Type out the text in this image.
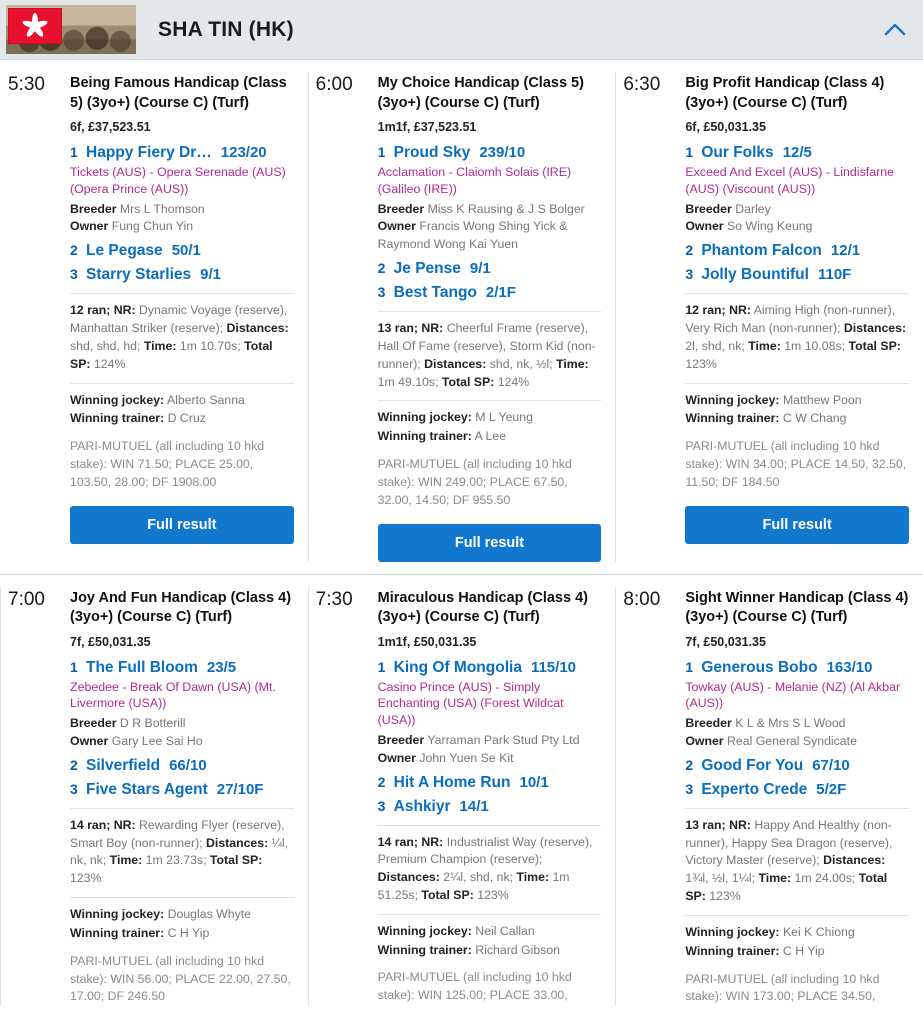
SHA TIN (HK)
5:30	Being Famous Handicap (Class 5) (3yo+) (Course C) (Turf)
6f, £37,523.51
1 Happy Fiery Dr… 123/20
Tickets (AUS) - Opera Serenade (AUS) (Opera Prince (AUS))
Breeder Mrs L Thomson
Owner Fung Chun Yin
2 Le Pegase 50/1
3 Starry Starlies 9/1
12 ran; NR: Dynamic Voyage (reserve), Manhattan Striker (reserve); Distances: shd, shd, hd; Time: 1m 10.70s; Total SP: 124%
Winning jockey: Alberto Sanna
Winning trainer: D Cruz
PARI-MUTUEL (all including 10 hkd stake): WIN 71.50; PLACE 25.00, 103.50, 28.00; DF 1908.00
Full result
6:00	My Choice Handicap (Class 5) (3yo+) (Course C) (Turf)
1m1f, £37,523.51
1 Proud Sky 239/10
Acclamation - Claiomh Solais (IRE) (Galileo (IRE))
Breeder Miss K Rausing & J S Bolger
Owner Francis Wong Shing Yick & Raymond Wong Kai Yuen
2 Je Pense 9/1
3 Best Tango 2/1F
13 ran; NR: Cheerful Frame (reserve), Hall Of Fame (reserve), Storm Kid (non-runner); Distances: shd, nk, ½l; Time: 1m 49.10s; Total SP: 124%
Winning jockey: M L Yeung
Winning trainer: A Lee
PARI-MUTUEL (all including 10 hkd stake): WIN 249.00; PLACE 67.50, 32.00, 14.50; DF 955.50
Full result
6:30	Big Profit Handicap (Class 4) (3yo+) (Course C) (Turf)
6f, £50,031.35
1 Our Folks 12/5
Exceed And Excel (AUS) - Lindisfarne (AUS) (Viscount (AUS))
Breeder Darley
Owner So Wing Keung
2 Phantom Falcon 12/1
3 Jolly Bountiful 110F
12 ran; NR: Aiming High (non-runner), Very Rich Man (non-runner); Distances: 2l, shd, nk; Time: 1m 10.08s; Total SP: 123%
Winning jockey: Matthew Poon
Winning trainer: C W Chang
PARI-MUTUEL (all including 10 hkd stake): WIN 34.00; PLACE 14.50, 32.50, 11.50; DF 184.50
Full result
7:00	Joy And Fun Handicap (Class 4) (3yo+) (Course C) (Turf)
7f, £50,031.35
1 The Full Bloom 23/5
Zebedee - Break Of Dawn (USA) (Mt. Livermore (USA))
Breeder D R Botterill
Owner Gary Lee Sai Ho
2 Silverfield 66/10
3 Five Stars Agent 27/10F
14 ran; NR: Rewarding Flyer (reserve), Smart Boy (non-runner); Distances: ¼l, nk, nk; Time: 1m 23.73s; Total SP: 123%
Winning jockey: Douglas Whyte
Winning trainer: C H Yip
PARI-MUTUEL (all including 10 hkd stake): WIN 56.00; PLACE 22.00, 27.50, 17.00; DF 246.50
7:30	Miraculous Handicap (Class 4) (3yo+) (Course C) (Turf)
1m1f, £50,031.35
1 King Of Mongolia 115/10
Casino Prince (AUS) - Simply Enchanting (USA) (Forest Wildcat (USA))
Breeder Yarraman Park Stud Pty Ltd
Owner John Yuen Se Kit
2 Hit A Home Run 10/1
3 Ashkiyr 14/1
14 ran; NR: Industrialist Way (reserve), Premium Champion (reserve); Distances: 2¼l, shd, nk; Time: 1m 51.25s; Total SP: 123%
Winning jockey: Neil Callan
Winning trainer: Richard Gibson
PARI-MUTUEL (all including 10 hkd stake): WIN 125.00; PLACE 33.00,
8:00	Sight Winner Handicap (Class 4) (3yo+) (Course C) (Turf)
7f, £50,031.35
1 Generous Bobo 163/10
Towkay (AUS) - Melanie (NZ) (Al Akbar (AUS))
Breeder K L & Mrs S L Wood
Owner Real General Syndicate
2 Good For You 67/10
3 Experto Crede 5/2F
13 ran; NR: Happy And Healthy (non-runner), Happy Sea Dragon (reserve), Victory Master (reserve); Distances: 1¾l, ½l, 1¼l; Time: 1m 24.00s; Total SP: 123%
Winning jockey: Kei K Chiong
Winning trainer: C H Yip
PARI-MUTUEL (all including 10 hkd stake): WIN 173.00; PLACE 34.50,
